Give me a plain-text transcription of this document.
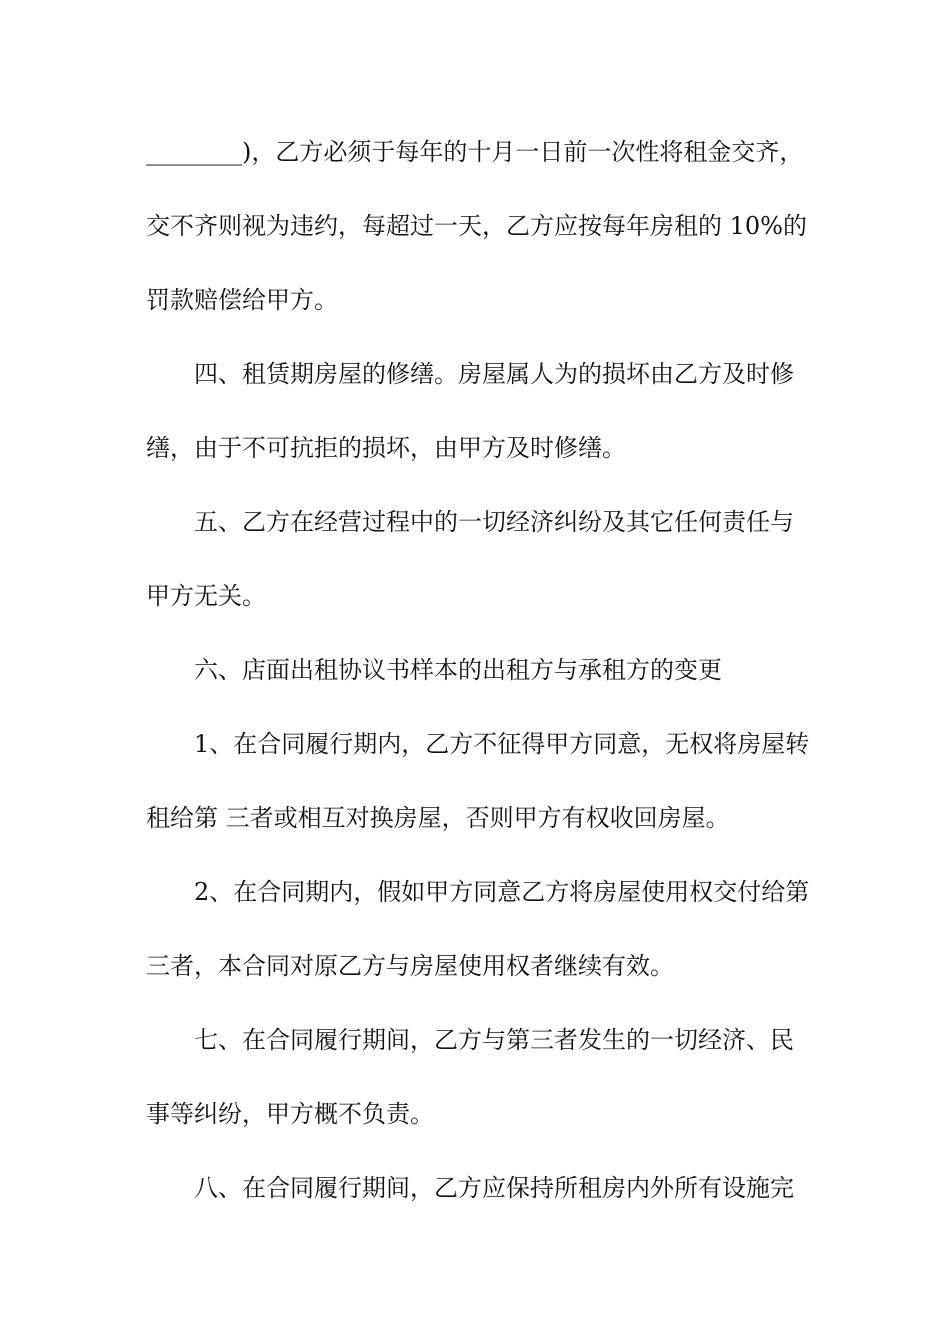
________)，乙方必须于每年的十月一日前一次性将租金交齐，
交不齐则视为违约，每超过一天，乙方应按每年房租的 10%的
罚款赔偿给甲方。
四、租赁期房屋的修缮。房屋属人为的损坏由乙方及时修
缮，由于不可抗拒的损坏，由甲方及时修缮。
五、乙方在经营过程中的一切经济纠纷及其它任何责任与
甲方无关。
六、店面出租协议书样本的出租方与承租方的变更
1、在合同履行期内，乙方不征得甲方同意，无权将房屋转
租给第 三者或相互对换房屋，否则甲方有权收回房屋。
2、在合同期内，假如甲方同意乙方将房屋使用权交付给第
三者，本合同对原乙方与房屋使用权者继续有效。
七、在合同履行期间，乙方与第三者发生的一切经济、民
事等纠纷，甲方概不负责。
八、在合同履行期间，乙方应保持所租房内外所有设施完
